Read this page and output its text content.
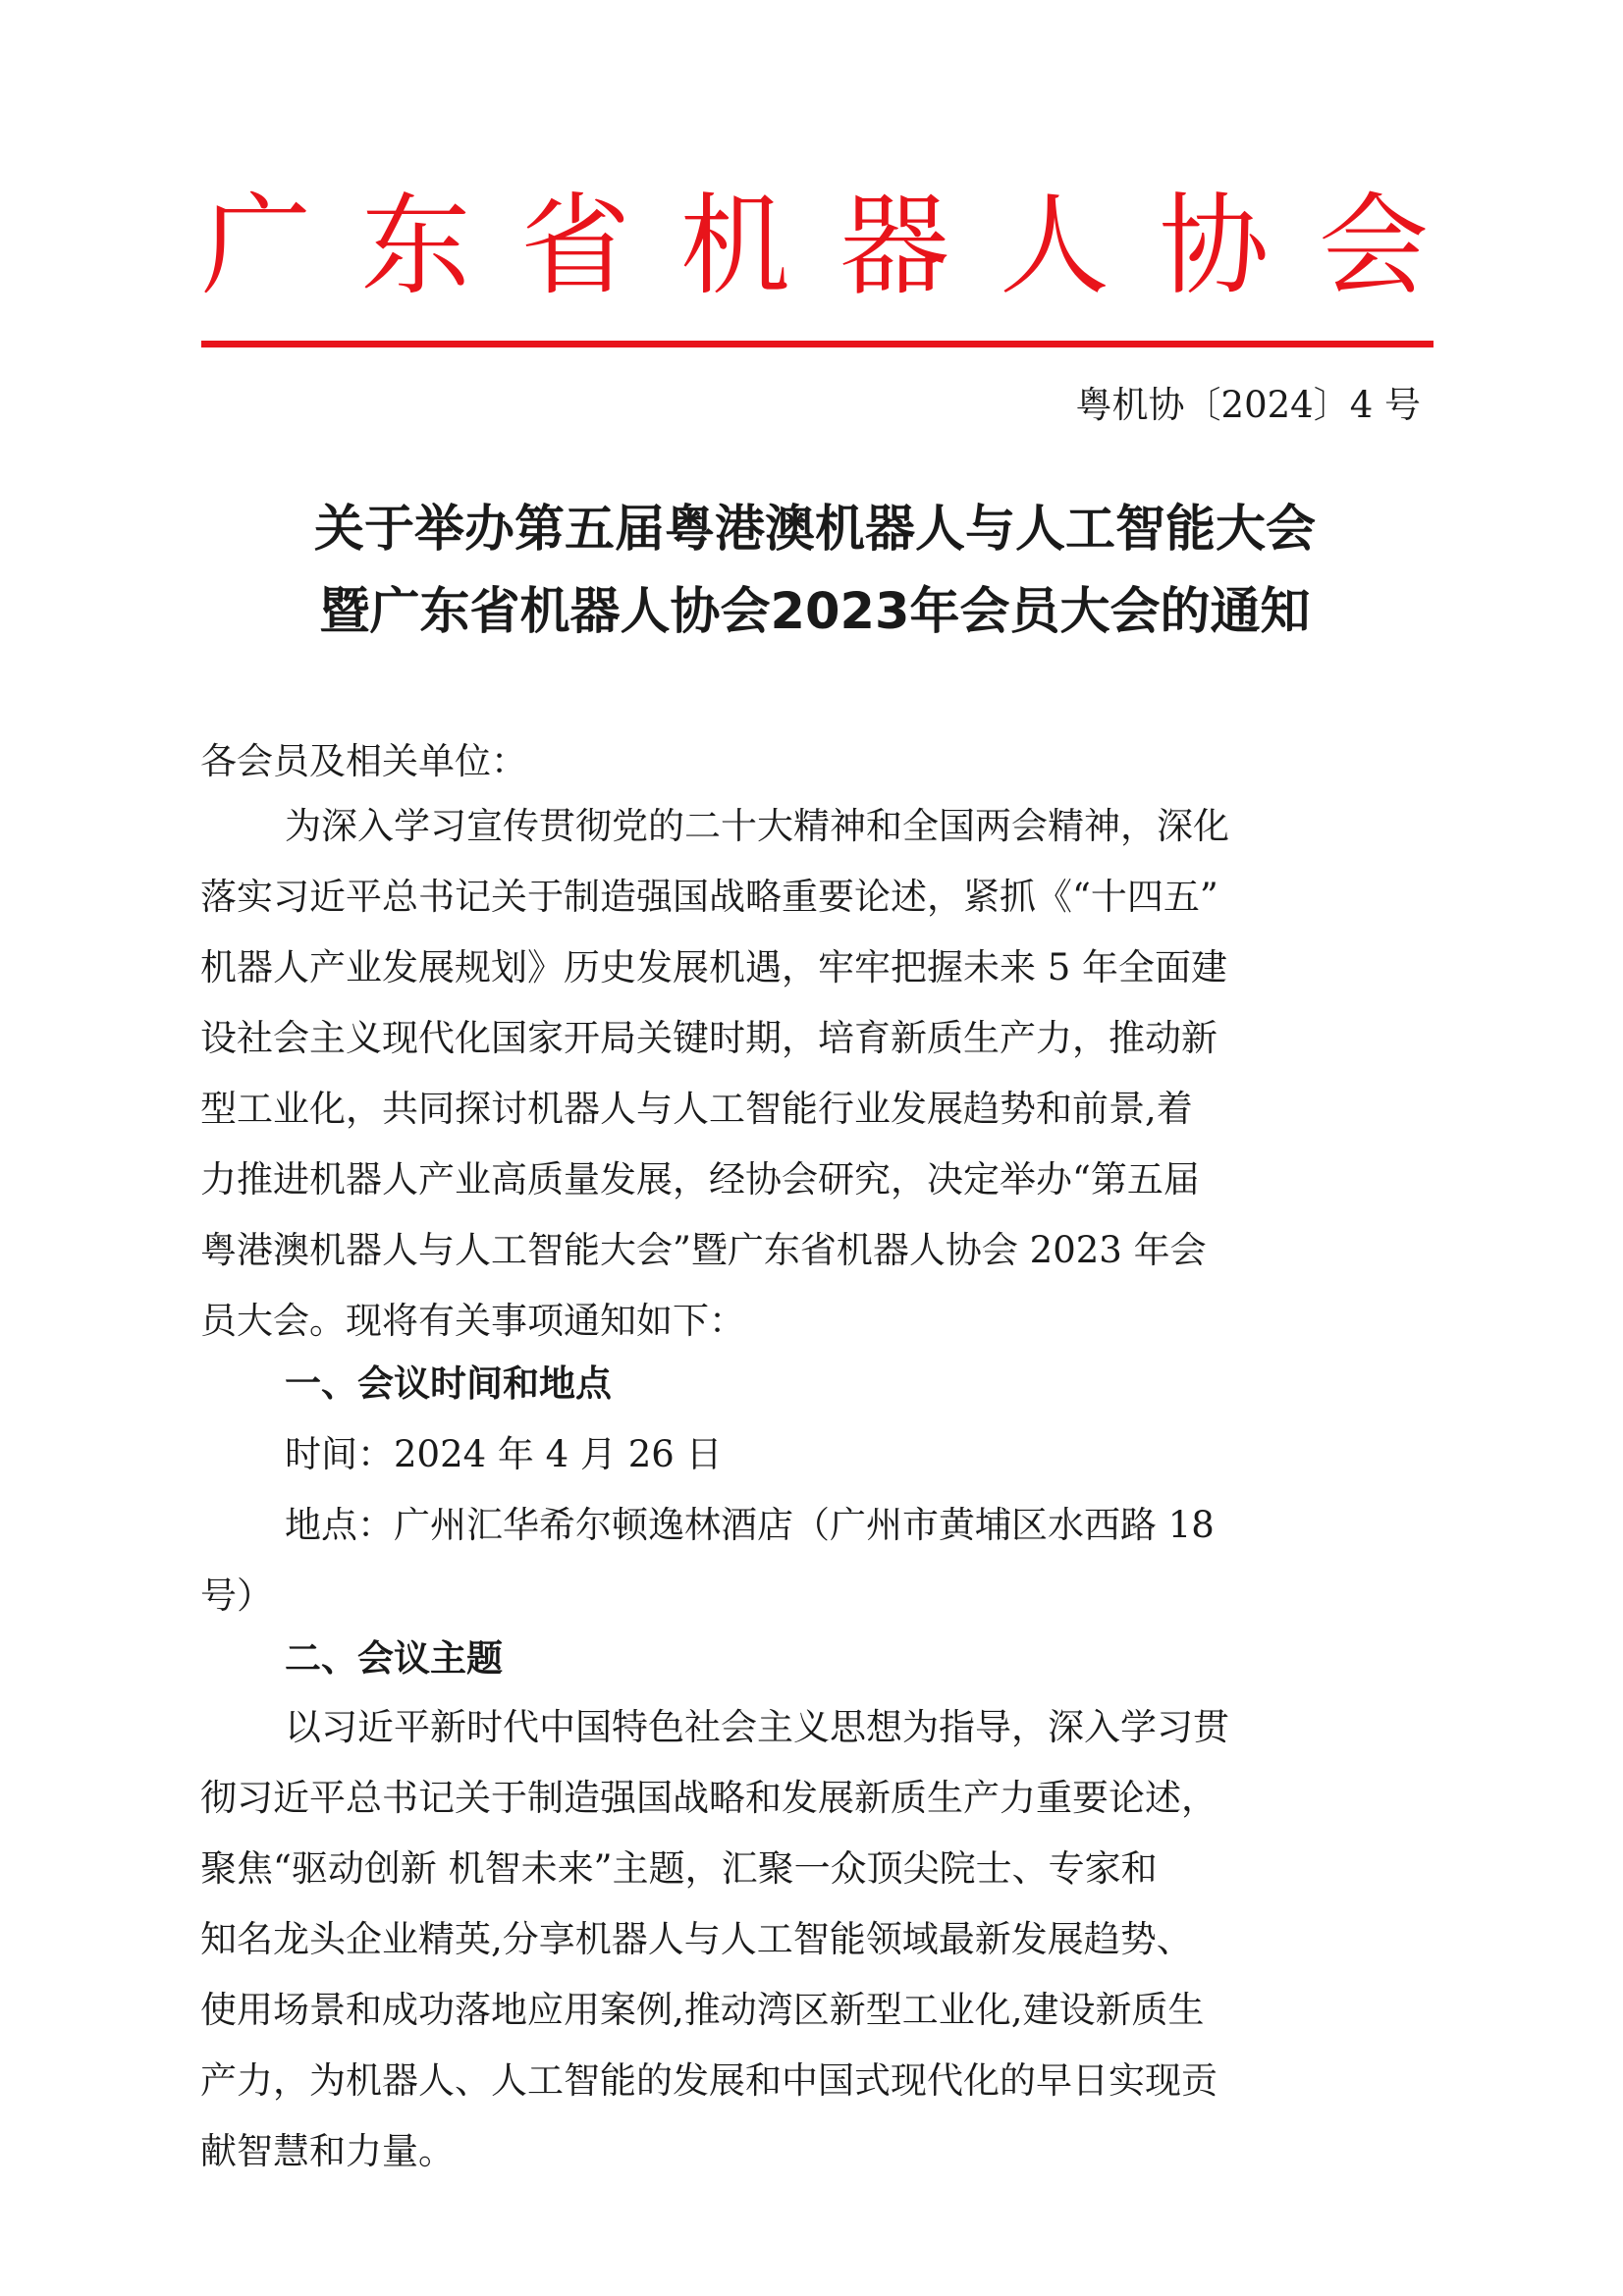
广 东 省 机 器 人 协 会
粤机协〔2024〕4 号
关于举办第五届粤港澳机器人与人工智能大会
暨广东省机器人协会2023年会员大会的通知
各会员及相关单位：
为深入学习宣传贯彻党的二十大精神和全国两会精神，深化
落实习近平总书记关于制造强国战略重要论述，紧抓《“十四五”
机器人产业发展规划》历史发展机遇，牢牢把握未来 5 年全面建
设社会主义现代化国家开局关键时期，培育新质生产力，推动新
型工业化，共同探讨机器人与人工智能行业发展趋势和前景,着
力推进机器人产业高质量发展，经协会研究，决定举办“第五届
粤港澳机器人与人工智能大会”暨广东省机器人协会 2023 年会
员大会。现将有关事项通知如下：
一、会议时间和地点
时间：2024 年 4 月 26 日
地点：广州汇华希尔顿逸林酒店（广州市黄埔区水西路 18
号）
二、会议主题
以习近平新时代中国特色社会主义思想为指导，深入学习贯
彻习近平总书记关于制造强国战略和发展新质生产力重要论述，
聚焦“驱动创新 机智未来”主题，汇聚一众顶尖院士、专家和
知名龙头企业精英,分享机器人与人工智能领域最新发展趋势、
使用场景和成功落地应用案例,推动湾区新型工业化,建设新质生
产力，为机器人、人工智能的发展和中国式现代化的早日实现贡
献智慧和力量。
